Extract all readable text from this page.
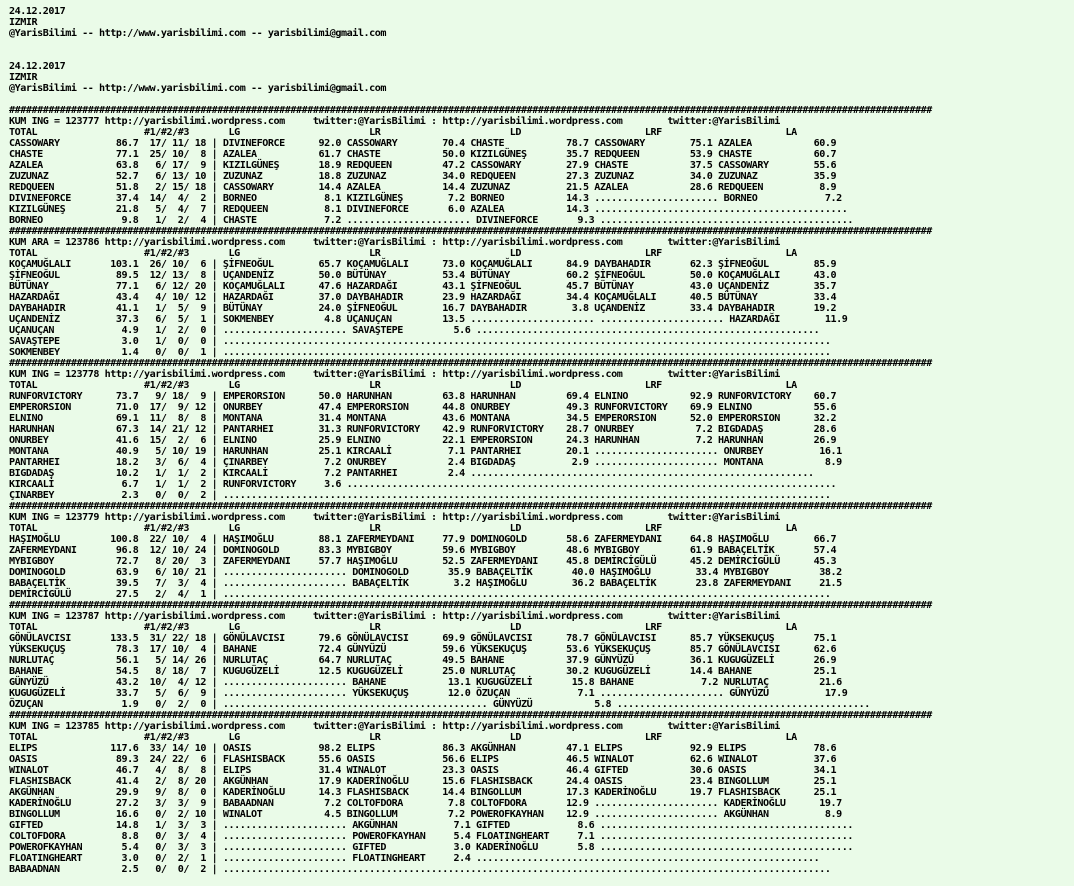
24.12.2017
IZMIR
@YarisBilimi -- http://www.yarisbilimi.com -- yarisbilimi@gmail.com
24.12.2017
IZMIR
@YarisBilimi -- http://www.yarisbilimi.com -- yarisbilimi@gmail.com
####################################################################################################################################################################
KUM ING = 123777 http://yarisbilimi.wordpress.com     twitter:@YarisBilimi : http://yarisbilimi.wordpress.com        twitter:@YarisBilimi
TOTAL                   #1/#2/#3       LG                       LR                       LD                      LRF                      LA
CASSOWARY          86.7  17/ 11/ 18 | DIVINEFORCE      92.0 CASSOWARY        70.4 CHASTE           78.7 CASSOWARY        75.1 AZALEA           60.9
CHASTE             77.1  25/ 10/  8 | AZALEA           61.7 CHASTE           50.0 KIZILGÜNEŞ       35.7 REDQUEEN         53.9 CHASTE           60.7
AZALEA             63.8   6/ 17/  9 | KIZILGÜNEŞ       18.9 REDQUEEN         47.2 CASSOWARY        27.9 CHASTE           37.5 CASSOWARY        55.6
ZUZUNAZ            52.7   6/ 13/ 10 | ZUZUNAZ          18.8 ZUZUNAZ          34.0 REDQUEEN         27.3 ZUZUNAZ          34.0 ZUZUNAZ          35.9
REDQUEEN           51.8   2/ 15/ 18 | CASSOWARY        14.4 AZALEA           14.4 ZUZUNAZ          21.5 AZALEA           28.6 REDQUEEN          8.9
DIVINEFORCE        37.4  14/  4/  2 | BORNEO            8.1 KIZILGÜNEŞ        7.2 BORNEO           14.3 ...................... BORNEO            7.2
KIZILGÜNEŞ         21.8   5/  4/  7 | REDQUEEN          8.1 DIVINEFORCE       6.0 AZALEA           14.3 .............................................
BORNEO              9.8   1/  2/  4 | CHASTE            7.2 ...................... DIVINEFORCE       9.3 .............................................
####################################################################################################################################################################
KUM ARA = 123786 http://yarisbilimi.wordpress.com     twitter:@YarisBilimi : http://yarisbilimi.wordpress.com        twitter:@YarisBilimi
TOTAL                   #1/#2/#3       LG                       LR                       LD                      LRF                      LA
KOÇAMUĞLALI       103.1  26/ 10/  6 | ŞİFNEOĞUL        65.7 KOÇAMUĞLALI      73.0 KOÇAMUĞLALI      84.9 DAYBAHADIR       62.3 ŞİFNEOĞUL        85.9
ŞİFNEOĞUL          89.5  12/ 13/  8 | UÇANDENİZ        50.0 BÜTÜNAY          53.4 BÜTÜNAY          60.2 ŞİFNEOĞUL        50.0 KOÇAMUĞLALI      43.0
BÜTÜNAY            77.1   6/ 12/ 20 | KOÇAMUĞLALI      47.6 HAZARDAĞI        43.1 ŞİFNEOĞUL        45.7 BÜTÜNAY          43.0 UÇANDENİZ        35.7
HAZARDAĞI          43.4   4/ 10/ 12 | HAZARDAĞI        37.0 DAYBAHADIR       23.9 HAZARDAĞI        34.4 KOÇAMUĞLALI      40.5 BÜTÜNAY          33.4
DAYBAHADIR         41.1   1/  5/  9 | BÜTÜNAY          24.0 ŞİFNEOĞUL        16.7 DAYBAHADIR        3.8 UÇANDENİZ        33.4 DAYBAHADIR       19.2
UÇANDENİZ          37.3   6/  5/  1 | SOKMENBEY         4.8 UÇANUÇAN         13.5 ...................... ...................... HAZARDAĞI        11.9
UÇANUÇAN            4.9   1/  2/  0 | ...................... SAVAŞTEPE         5.6 .............................................................
SAVAŞTEPE           3.0   1/  0/  0 | ............................................................................................................
SOKMENBEY           1.4   0/  0/  1 | ............................................................................................................
####################################################################################################################################################################
KUM ING = 123778 http://yarisbilimi.wordpress.com     twitter:@YarisBilimi : http://yarisbilimi.wordpress.com        twitter:@YarisBilimi
TOTAL                   #1/#2/#3       LG                       LR                       LD                      LRF                      LA
RUNFORVICTORY      73.7   9/ 18/  9 | EMPERORSION      50.0 HARUNHAN         63.8 HARUNHAN         69.4 ELNINO           92.9 RUNFORVICTORY    60.7
EMPERORSION        71.0  17/  9/ 12 | ONURBEY          47.4 EMPERORSION      44.8 ONURBEY          49.3 RUNFORVICTORY    69.9 ELNINO           55.6
ELNINO             69.1  11/  8/  8 | MONTANA          31.4 MONTANA          43.6 MONTANA          34.5 EMPERORSION      52.0 EMPERORSION      32.2
HARUNHAN           67.3  14/ 21/ 12 | PANTARHEI        31.3 RUNFORVICTORY    42.9 RUNFORVICTORY    28.7 ONURBEY           7.2 BIGDADAŞ         28.6
ONURBEY            41.6  15/  2/  6 | ELNINO           25.9 ELNINO           22.1 EMPERORSION      24.3 HARUNHAN          7.2 HARUNHAN         26.9
MONTANA            40.9   5/ 10/ 19 | HARUNHAN         25.1 KIRCAALİ          7.1 PANTARHEI        20.1 ...................... ONURBEY          16.1
PANTARHEI          18.2   3/  6/  4 | ÇINARBEY          7.2 ONURBEY           2.4 BIGDADAŞ          2.9 ...................... MONTANA           8.9
BIGDADAŞ           10.2   1/  1/  2 | KIRCAALİ          7.2 PANTARHEI         2.4 .............................................................
KIRCAALİ            6.7   1/  1/  2 | RUNFORVICTORY     3.6 .......................................................................................
ÇINARBEY            2.3   0/  0/  2 | ............................................................................................................
####################################################################################################################################################################
KUM ING = 123779 http://yarisbilimi.wordpress.com     twitter:@YarisBilimi : http://yarisbilimi.wordpress.com        twitter:@YarisBilimi
TOTAL                   #1/#2/#3       LG                       LR                       LD                      LRF                      LA
HAŞIMOĞLU         100.8  22/ 10/  4 | HAŞIMOĞLU        88.1 ZAFERMEYDANI     77.9 DOMINOGOLD       58.6 ZAFERMEYDANI     64.8 HAŞIMOĞLU        66.7
ZAFERMEYDANI       96.8  12/ 10/ 24 | DOMINOGOLD       83.3 MYBIGBOY         59.6 MYBIGBOY         48.6 MYBIGBOY         61.9 BABAÇELTİK       57.4
MYBIGBOY           72.7   8/ 20/  3 | ZAFERMEYDANI     57.7 HAŞIMOĞLU        52.5 ZAFERMEYDANI     45.8 DEMİRCİGÜLÜ      45.2 DEMİRCİGÜLÜ      45.3
DOMINOGOLD         63.9   6/ 10/ 21 | ...................... DOMINOGOLD       35.9 BABAÇELTİK       40.0 HAŞIMOĞLU        33.4 MYBIGBOY         38.2
BABAÇELTİK         39.5   7/  3/  4 | ...................... BABAÇELTİK        3.2 HAŞIMOĞLU        36.2 BABAÇELTİK       23.8 ZAFERMEYDANI     21.5
DEMİRCİGÜLÜ        27.5   2/  4/  1 | ............................................................................................................
####################################################################################################################################################################
KUM ING = 123787 http://yarisbilimi.wordpress.com     twitter:@YarisBilimi : http://yarisbilimi.wordpress.com        twitter:@YarisBilimi
TOTAL                   #1/#2/#3       LG                       LR                       LD                      LRF                      LA
GÖNÜLAVCISI       133.5  31/ 22/ 18 | GÖNÜLAVCISI      79.6 GÖNÜLAVCISI      69.9 GÖNÜLAVCISI      78.7 GÖNÜLAVCISI      85.7 YÜKSEKUÇUŞ       75.1
YÜKSEKUÇUŞ         78.3  17/ 10/  4 | BAHANE           72.4 GÜNYÜZÜ          59.6 YÜKSEKUÇUŞ       53.6 YÜKSEKUÇUŞ       85.7 GÖNÜLAVCISI      62.6
NURLUTAÇ           56.1   5/ 14/ 26 | NURLUTAÇ         64.7 NURLUTAÇ         49.5 BAHANE           37.9 GÜNYÜZÜ          36.1 KUGUGÜZELİ       26.9
BAHANE             54.5   8/ 18/  7 | KUGUGÜZELİ       12.5 KUGUGÜZELİ       25.0 NURLUTAÇ         30.2 KUGUGÜZELİ       14.4 BAHANE           25.1
GÜNYÜZÜ            43.2  10/  4/ 12 | ...................... BAHANE           13.1 KUGUGÜZELİ       15.8 BAHANE            7.2 NURLUTAÇ         21.6
KUGUGÜZELİ         33.7   5/  6/  9 | ...................... YÜKSEKUÇUŞ       12.0 ÖZUÇAN            7.1 ...................... GÜNYÜZÜ          17.9
ÖZUÇAN              1.9   0/  2/  0 | ............................................... GÜNYÜZÜ           5.8 .............................................
####################################################################################################################################################################
KUM ING = 123785 http://yarisbilimi.wordpress.com     twitter:@YarisBilimi : http://yarisbilimi.wordpress.com        twitter:@YarisBilimi
TOTAL                   #1/#2/#3       LG                       LR                       LD                      LRF                      LA
ELIPS             117.6  33/ 14/ 10 | OASIS            98.2 ELIPS            86.3 AKGÜNHAN         47.1 ELIPS            92.9 ELIPS            78.6
OASIS              89.3  24/ 22/  6 | FLASHISBACK      55.6 OASIS            56.6 ELIPS            46.5 WINALOT          62.6 WINALOT          37.6
WINALOT            46.7   4/  8/  8 | ELIPS            31.4 WINALOT          23.3 OASIS            46.4 GIFTED           30.6 OASIS            34.1
FLASHISBACK        41.4   2/  8/ 20 | AKGÜNHAN         17.9 KADERİNOĞLU      15.6 FLASHISBACK      24.4 OASIS            23.4 BINGOLLUM        25.1
AKGÜNHAN           29.9   9/  8/  0 | KADERİNOĞLU      14.3 FLASHISBACK      14.4 BINGOLLUM        17.3 KADERİNOĞLU      19.7 FLASHISBACK      25.1
KADERİNOĞLU        27.2   3/  3/  9 | BABAADNAN         7.2 COLTOFDORA        7.8 COLTOFDORA       12.9 ...................... KADERİNOĞLU      19.7
BINGOLLUM          16.6   0/  2/ 10 | WINALOT           4.5 BINGOLLUM         7.2 POWEROFKAYHAN    12.9 ...................... AKGÜNHAN          8.9
GIFTED             14.8   1/  3/  3 | ...................... AKGÜNHAN          7.1 GIFTED            8.6 .............................................
COLTOFDORA          8.8   0/  3/  4 | ...................... POWEROFKAYHAN     5.4 FLOATINGHEART     7.1 .............................................
POWEROFKAYHAN       5.4   0/  3/  3 | ...................... GIFTED            3.0 KADERİNOĞLU       5.8 .............................................
FLOATINGHEART       3.0   0/  2/  1 | ...................... FLOATINGHEART     2.4 .............................................................
BABAADNAN           2.5   0/  0/  2 | ............................................................................................................
